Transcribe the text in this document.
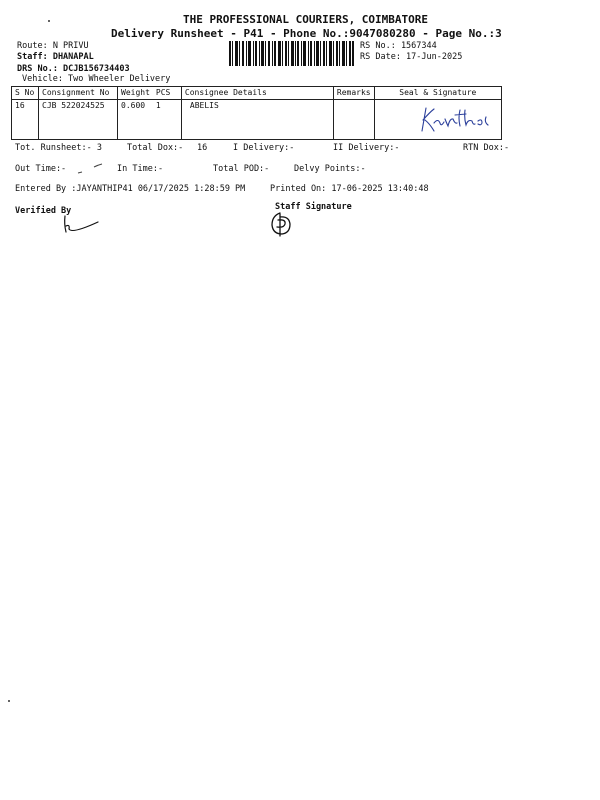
THE PROFESSIONAL COURIERS, COIMBATORE
Delivery Runsheet - P41 - Phone No.:9047080280 - Page No.:3
Route: N PRIVU
Staff: DHANAPAL
DRS No.: DCJB156734403
Vehicle: Two Wheeler Delivery
RS No.: 1567344
RS Date: 17-Jun-2025
S No	Consignment No	Weight	PCS	Consignee Details	Remarks	Seal & Signature
16	CJB 522024525	0.600	1	ABELIS		
Tot. Runsheet:- 3	Total Dox:- 16	I Delivery:-	II Delivery:-	RTN Dox:-
Out Time:-	In Time:-	Total POD:-	Delvy Points:-
Entered By :JAYANTHIP41 06/17/2025 1:28:59 PM	Printed On: 17-06-2025 13:40:48
Verified By	Staff Signature
